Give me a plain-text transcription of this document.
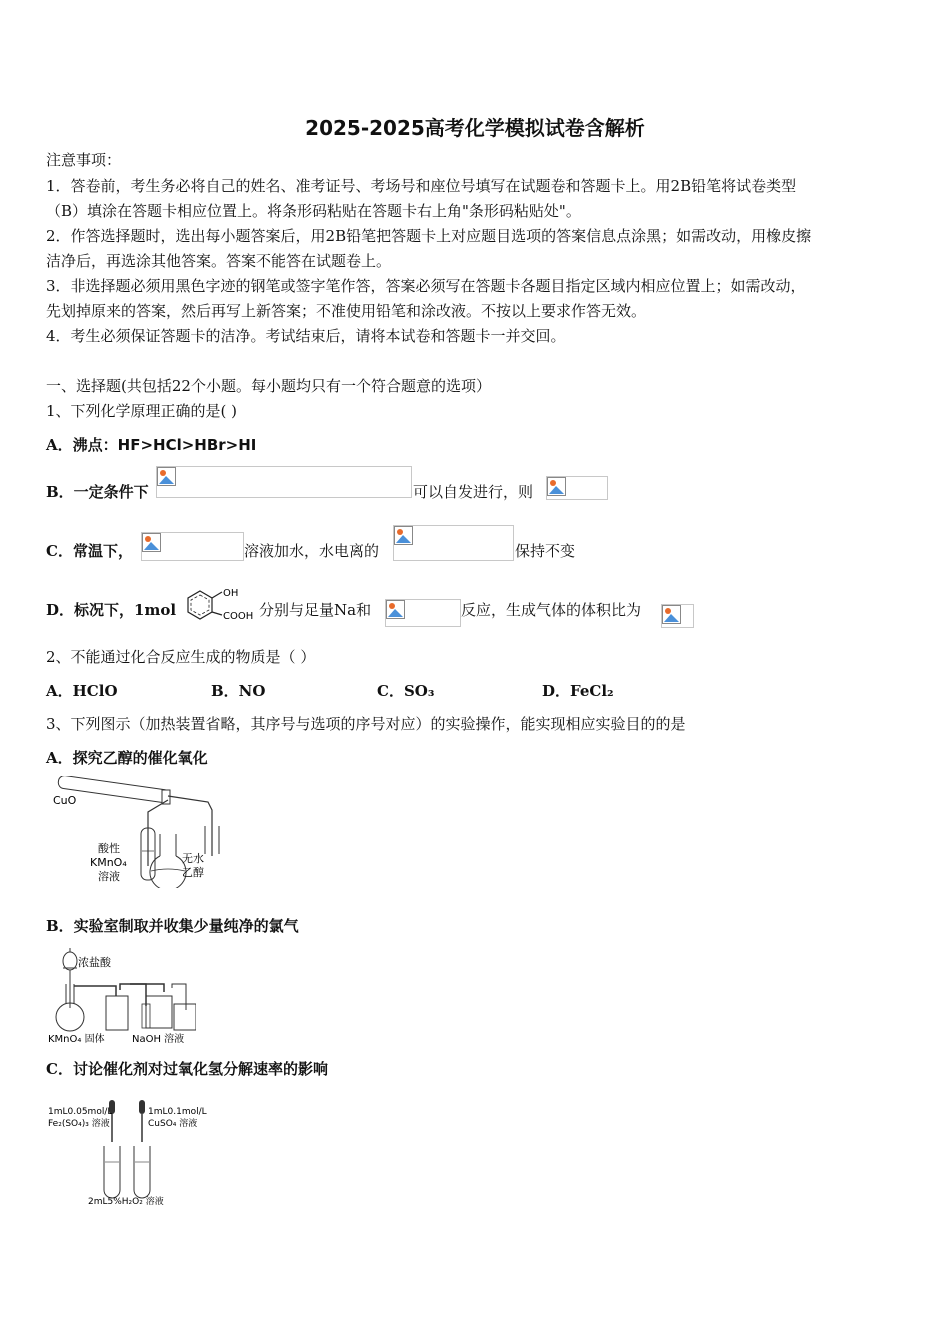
2025-2025高考化学模拟试卷含解析
注意事项：
1．答卷前，考生务必将自己的姓名、准考证号、考场号和座位号填写在试题卷和答题卡上。用2B铅笔将试卷类型
（B）填涂在答题卡相应位置上。将条形码粘贴在答题卡右上角"条形码粘贴处"。
2．作答选择题时，选出每小题答案后，用2B铅笔把答题卡上对应题目选项的答案信息点涂黑；如需改动，用橡皮擦
洁净后，再选涂其他答案。答案不能答在试题卷上。
3．非选择题必须用黑色字迹的钢笔或签字笔作答，答案必须写在答题卡各题目指定区域内相应位置上；如需改动，
先划掉原来的答案，然后再写上新答案；不准使用铅笔和涂改液。不按以上要求作答无效。
4．考生必须保证答题卡的洁净。考试结束后，请将本试卷和答题卡一并交回。
一、选择题(共包括22个小题。每小题均只有一个符合题意的选项）
1、下列化学原理正确的是( )
A．沸点：HF>HCl>HBr>HI
B．一定条件下	可以自发进行，则
C．常温下，	溶液加水，水电离的	保持不变
D．标况下，1mol
OH
COOH 分别与足量Na和	反应，生成气体的体积比为
2、不能通过化合反应生成的物质是（ ）
A．HClO	B．NO	C．SO₃	D．FeCl₂
3、下列图示（加热装置省略，其序号与选项的序号对应）的实验操作，能实现相应实验目的的是
A．探究乙醇的催化氧化
CuO
酸性
KMnO₄
溶液
无水
乙醇
B．实验室制取并收集少量纯净的氯气
浓盐酸
KMnO₄ 固体	NaOH 溶液
C．讨论催化剂对过氧化氢分解速率的影响
1mL0.05mol/L
Fe₂(SO₄)₃ 溶液
1mL0.1mol/L
CuSO₄ 溶液
2mL5%H₂O₂ 溶液
